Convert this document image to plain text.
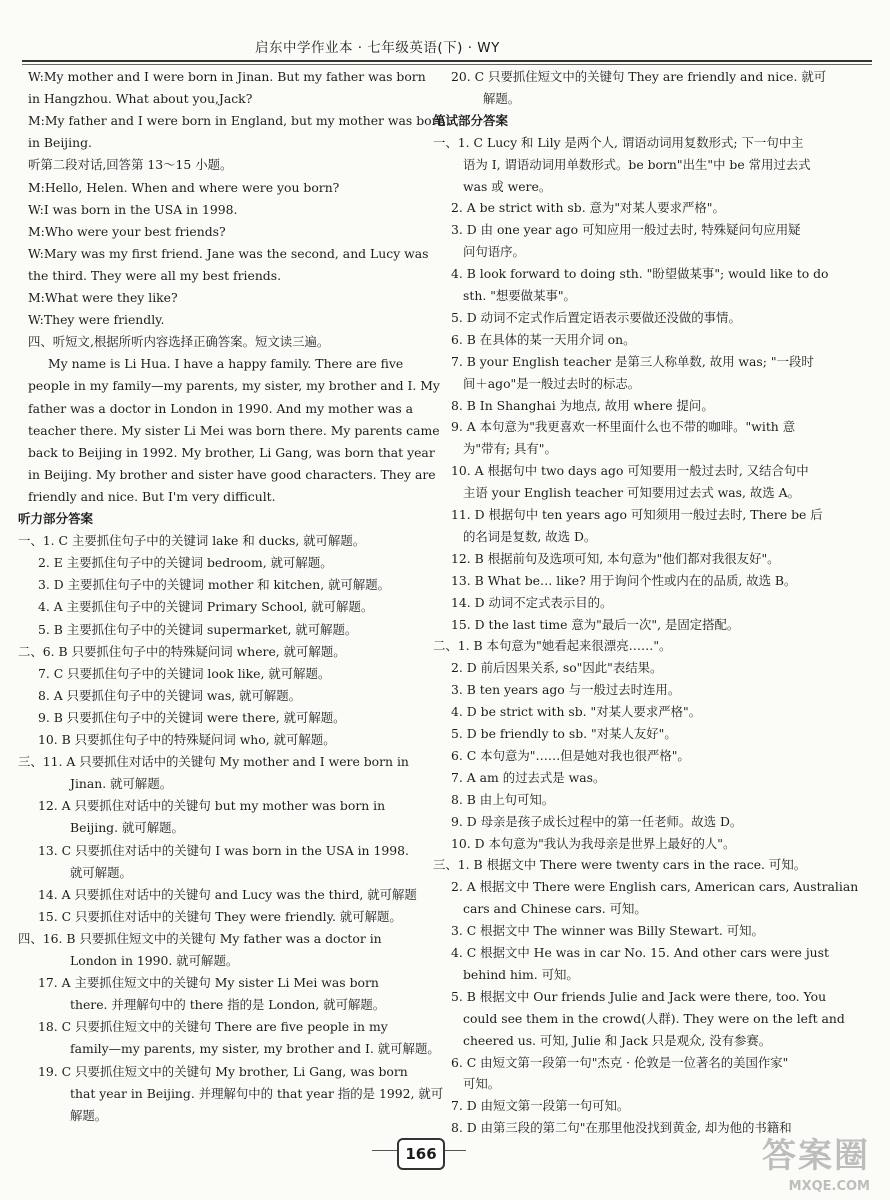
启东中学作业本 · 七年级英语(下) · WY
W:My mother and I were born in Jinan. But my father was born
in Hangzhou. What about you,Jack?
M:My father and I were born in England, but my mother was born
in Beijing.
听第二段对话,回答第 13～15 小题。
M:Hello, Helen. When and where were you born?
W:I was born in the USA in 1998.
M:Who were your best friends?
W:Mary was my first friend. Jane was the second, and Lucy was
the third. They were all my best friends.
M:What were they like?
W:They were friendly.
四、听短文,根据所听内容选择正确答案。短文读三遍。
My name is Li Hua. I have a happy family. There are five
people in my family—my parents, my sister, my brother and I. My
father was a doctor in London in 1990. And my mother was a
teacher there. My sister Li Mei was born there. My parents came
back to Beijing in 1992. My brother, Li Gang, was born that year
in Beijing. My brother and sister have good characters. They are
friendly and nice. But I'm very difficult.
听力部分答案
一、1. C 主要抓住句子中的关键词 lake 和 ducks, 就可解题。
2. E 主要抓住句子中的关键词 bedroom, 就可解题。
3. D 主要抓住句子中的关键词 mother 和 kitchen, 就可解题。
4. A 主要抓住句子中的关键词 Primary School, 就可解题。
5. B 主要抓住句子中的关键词 supermarket, 就可解题。
二、6. B 只要抓住句子中的特殊疑问词 where, 就可解题。
7. C 只要抓住句子中的关键词 look like, 就可解题。
8. A 只要抓住句子中的关键词 was, 就可解题。
9. B 只要抓住句子中的关键词 were there, 就可解题。
10. B 只要抓住句子中的特殊疑问词 who, 就可解题。
三、11. A 只要抓住对话中的关键句 My mother and I were born in
Jinan. 就可解题。
12. A 只要抓住对话中的关键句 but my mother was born in
Beijing. 就可解题。
13. C 只要抓住对话中的关键句 I was born in the USA in 1998.
就可解题。
14. A 只要抓住对话中的关键句 and Lucy was the third, 就可解题
15. C 只要抓住对话中的关键句 They were friendly. 就可解题。
四、16. B 只要抓住短文中的关键句 My father was a doctor in
London in 1990. 就可解题。
17. A 主要抓住短文中的关键句 My sister Li Mei was born
there. 并理解句中的 there 指的是 London, 就可解题。
18. C 只要抓住短文中的关键句 There are five people in my
family—my parents, my sister, my brother and I. 就可解题。
19. C 只要抓住短文中的关键句 My brother, Li Gang, was born
that year in Beijing. 并理解句中的 that year 指的是 1992, 就可
解题。
20. C 只要抓住短文中的关键句 They are friendly and nice. 就可
解题。
笔试部分答案
一、1. C Lucy 和 Lily 是两个人, 谓语动词用复数形式; 下一句中主
语为 I, 谓语动词用单数形式。be born"出生"中 be 常用过去式
was 或 were。
2. A be strict with sb. 意为"对某人要求严格"。
3. D 由 one year ago 可知应用一般过去时, 特殊疑问句应用疑
问句语序。
4. B look forward to doing sth. "盼望做某事"; would like to do
sth. "想要做某事"。
5. D 动词不定式作后置定语表示要做还没做的事情。
6. B 在具体的某一天用介词 on。
7. B your English teacher 是第三人称单数, 故用 was; "一段时
间＋ago"是一般过去时的标志。
8. B In Shanghai 为地点, 故用 where 提问。
9. A 本句意为"我更喜欢一杯里面什么也不带的咖啡。"with 意
为"带有; 具有"。
10. A 根据句中 two days ago 可知要用一般过去时, 又结合句中
主语 your English teacher 可知要用过去式 was, 故选 A。
11. D 根据句中 ten years ago 可知须用一般过去时, There be 后
的名词是复数, 故选 D。
12. B 根据前句及选项可知, 本句意为"他们都对我很友好"。
13. B What be… like? 用于询问个性或内在的品质, 故选 B。
14. D 动词不定式表示目的。
15. D the last time 意为"最后一次", 是固定搭配。
二、1. B 本句意为"她看起来很漂亮……"。
2. D 前后因果关系, so"因此"表结果。
3. B ten years ago 与一般过去时连用。
4. D be strict with sb. "对某人要求严格"。
5. D be friendly to sb. "对某人友好"。
6. C 本句意为"……但是她对我也很严格"。
7. A am 的过去式是 was。
8. B 由上句可知。
9. D 母亲是孩子成长过程中的第一任老师。故选 D。
10. D 本句意为"我认为我母亲是世界上最好的人"。
三、1. B 根据文中 There were twenty cars in the race. 可知。
2. A 根据文中 There were English cars, American cars, Australian
cars and Chinese cars. 可知。
3. C 根据文中 The winner was Billy Stewart. 可知。
4. C 根据文中 He was in car No. 15. And other cars were just
behind him. 可知。
5. B 根据文中 Our friends Julie and Jack were there, too. You
could see them in the crowd(人群). They were on the left and
cheered us. 可知, Julie 和 Jack 只是观众, 没有参赛。
6. C 由短文第一段第一句"杰克 · 伦敦是一位著名的美国作家"
可知。
7. D 由短文第一段第一句可知。
8. D 由第三段的第二句"在那里他没找到黄金, 却为他的书籍和
166	答案圈
MXQE.COM
